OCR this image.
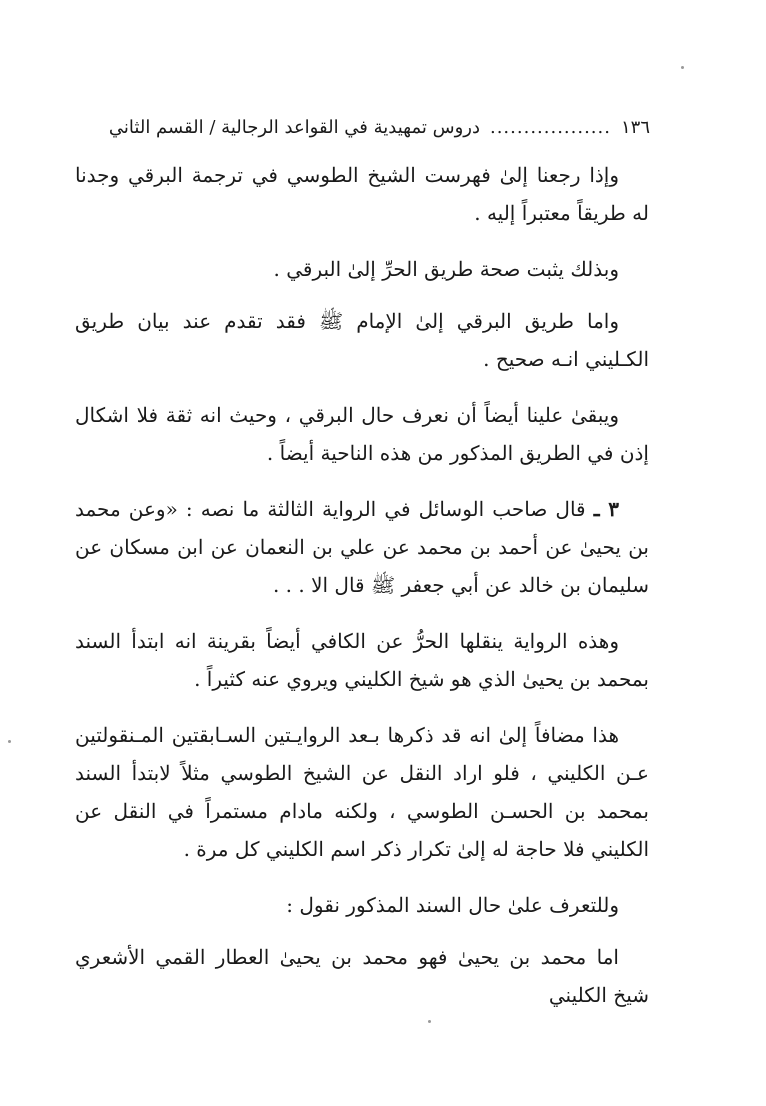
١٣٦
..................
دروس تمهيدية في القواعد الرجالية / القسم الثاني

وإذا رجعنا إلىٰ فهرست الشيخ الطوسي في ترجمة البرقي وجدنا له طريقاً معتبراً إليه .

وبذلك يثبت صحة طريق الحرِّ إلىٰ البرقي .

واما طريق البرقي إلىٰ الإمام ﷺ فقد تقدم عند بيان طريق الكـليني انـه صحيح .

ويبقىٰ علينا أيضاً أن نعرف حال البرقي ، وحيث انه ثقة فلا اشكال إذن في الطريق المذكور من هذه الناحية أيضاً .

٣ ـ قال صاحب الوسائل في الرواية الثالثة ما نصه : «وعن محمد بن يحيىٰ عن أحمد بن محمد عن علي بن النعمان عن ابن مسكان عن سليمان بن خالد عن أبي جعفر ﷺ قال الا . . .

وهذه الرواية ينقلها الحرُّ عن الكافي أيضاً بقرينة انه ابتدأ السند بمحمد بن يحيىٰ الذي هو شيخ الكليني ويروي عنه كثيراً .

هذا مضافاً إلىٰ انه قد ذكرها بـعد الروايـتين السـابقتين المـنقولتين عـن الكليني ، فلو اراد النقل عن الشيخ الطوسي مثلاً لابتدأ السند بمحمد بن الحسـن الطوسي ، ولكنه مادام مستمراً في النقل عن الكليني فلا حاجة له إلىٰ تكرار ذكر اسم الكليني كل مرة .

وللتعرف علىٰ حال السند المذكور نقول :

اما محمد بن يحيىٰ فهو محمد بن يحيىٰ العطار القمي الأشعري شيخ الكليني
